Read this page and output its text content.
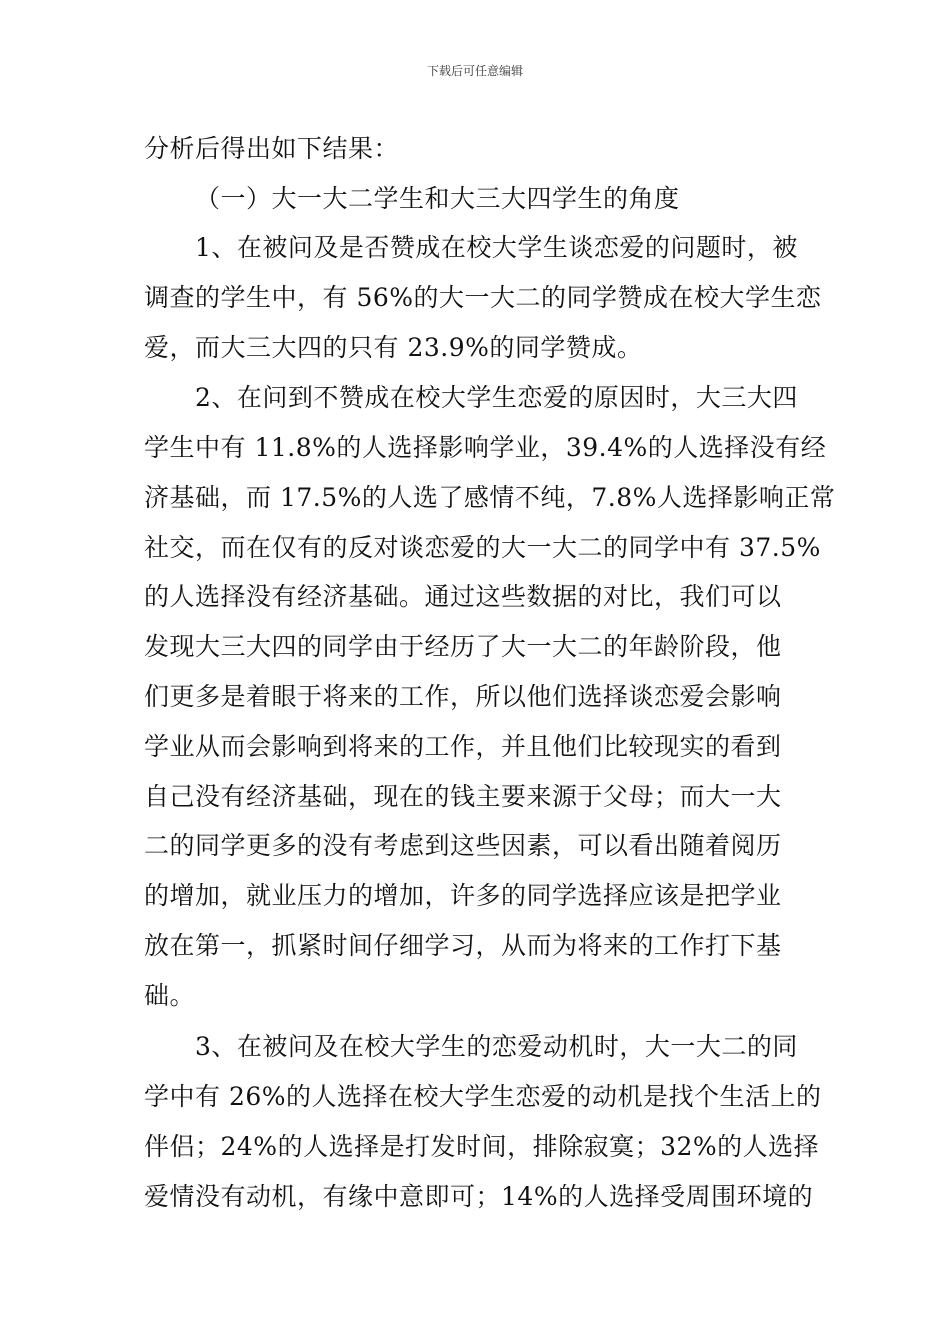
下载后可任意编辑
分析后得出如下结果：
（一）大一大二学生和大三大四学生的角度
1、在被问及是否赞成在校大学生谈恋爱的问题时，被
调查的学生中，有 56%的大一大二的同学赞成在校大学生恋
爱，而大三大四的只有 23.9%的同学赞成。
2、在问到不赞成在校大学生恋爱的原因时，大三大四
学生中有 11.8%的人选择影响学业，39.4%的人选择没有经
济基础，而 17.5%的人选了感情不纯，7.8%人选择影响正常
社交，而在仅有的反对谈恋爱的大一大二的同学中有 37.5%
的人选择没有经济基础。通过这些数据的对比，我们可以
发现大三大四的同学由于经历了大一大二的年龄阶段，他
们更多是着眼于将来的工作，所以他们选择谈恋爱会影响
学业从而会影响到将来的工作，并且他们比较现实的看到
自己没有经济基础，现在的钱主要来源于父母；而大一大
二的同学更多的没有考虑到这些因素，可以看出随着阅历
的增加，就业压力的增加，许多的同学选择应该是把学业
放在第一，抓紧时间仔细学习，从而为将来的工作打下基
础。
3、在被问及在校大学生的恋爱动机时，大一大二的同
学中有 26%的人选择在校大学生恋爱的动机是找个生活上的
伴侣；24%的人选择是打发时间，排除寂寞；32%的人选择
爱情没有动机，有缘中意即可；14%的人选择受周围环境的
